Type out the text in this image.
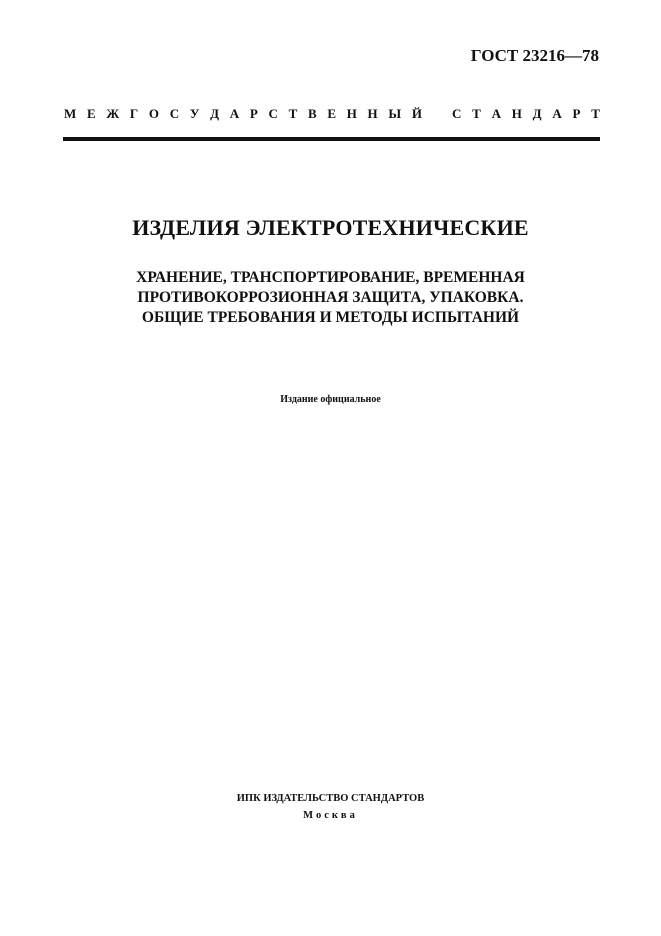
ГОСТ 23216—78
М Е Ж Г О С У Д А Р С Т В Е Н Н Ы Й С Т А Н Д А Р Т
ИЗДЕЛИЯ ЭЛЕКТРОТЕХНИЧЕСКИЕ
ХРАНЕНИЕ, ТРАНСПОРТИРОВАНИЕ, ВРЕМЕННАЯ
ПРОТИВОКОРРОЗИОННАЯ ЗАЩИТА, УПАКОВКА.
ОБЩИЕ ТРЕБОВАНИЯ И МЕТОДЫ ИСПЫТАНИЙ
Издание официальное
ИПК ИЗДАТЕЛЬСТВО СТАНДАРТОВ
Москва
